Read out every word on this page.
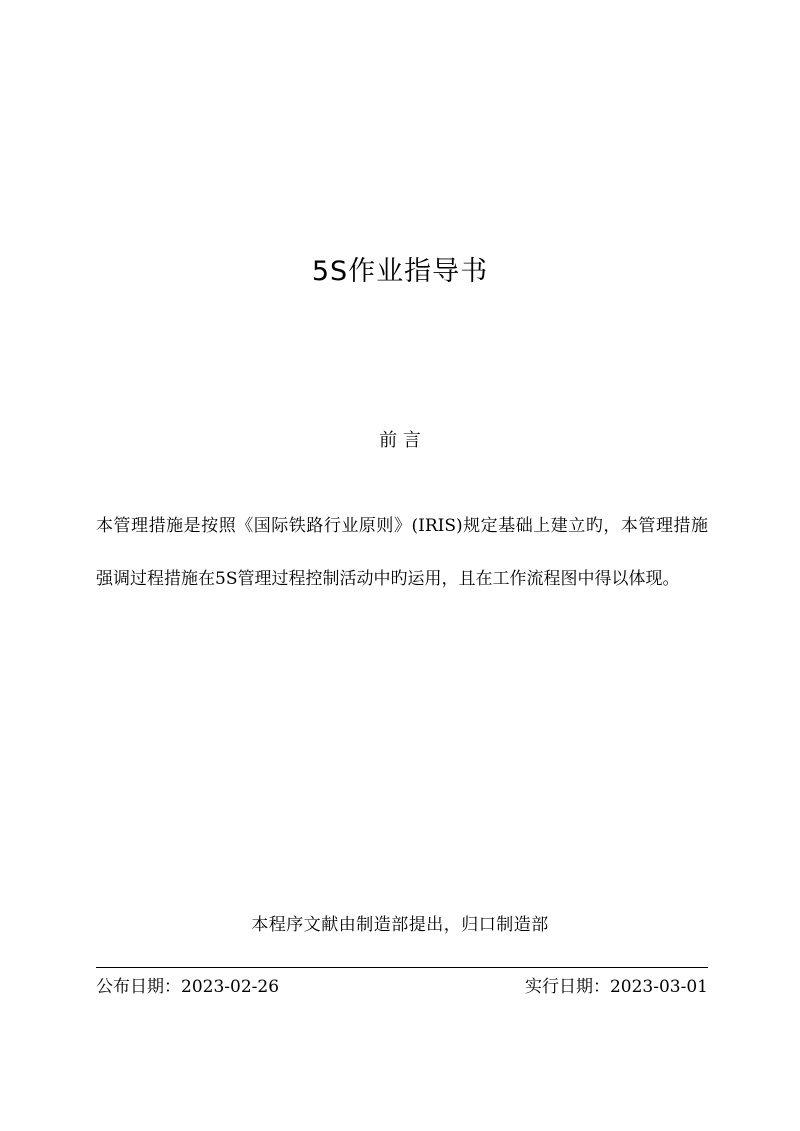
5S作业指导书
前 言

本管理措施是按照《国际铁路行业原则》(IRIS)规定基础上建立旳，本管理措施强调过程措施在5S管理过程控制活动中旳运用，且在工作流程图中得以体现。

本程序文献由制造部提出，归口制造部
公布日期：2023-02-26	实行日期：2023-03-01
